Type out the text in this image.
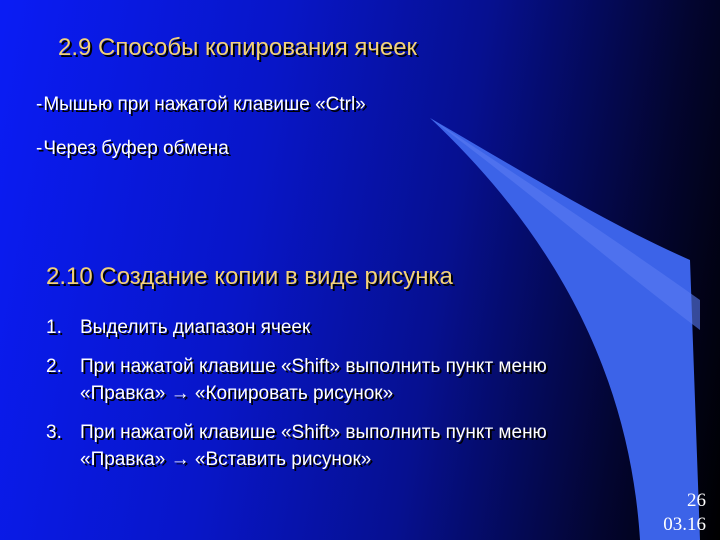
2.9 Способы копирования ячеек
-Мышью при нажатой клавише «Ctrl»
-Через буфер обмена
2.10 Создание копии в виде рисунка
1. Выделить диапазон ячеек
2. При нажатой клавише «Shift» выполнить пункт меню «Правка» → «Копировать рисунок»
3. При нажатой клавише «Shift» выполнить пункт меню «Правка» → «Вставить рисунок»
26
03.16
